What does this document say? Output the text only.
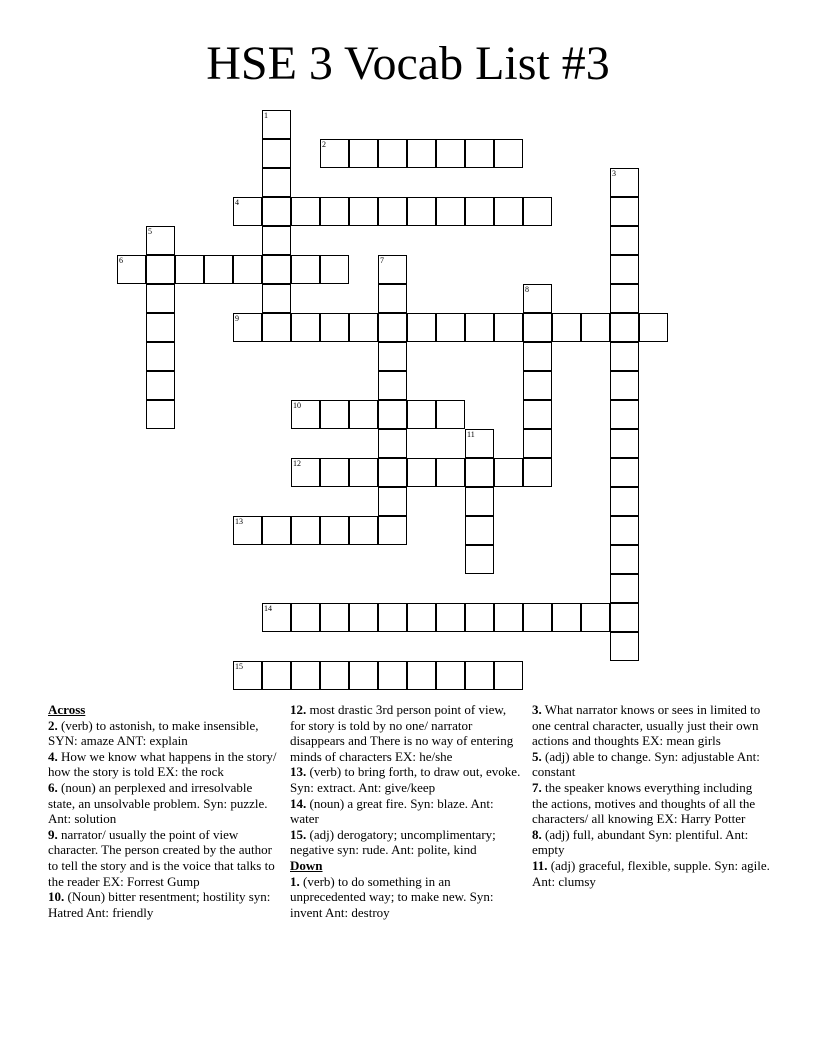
HSE 3 Vocab List #3
1
2
3
4
5
6	7
8
9
10
11
12
13
14
15
Across
2. (verb) to astonish, to make insensible, SYN: amaze ANT: explain
4. How we know what happens in the story/ how the story is told EX: the rock
6. (noun) an perplexed and irresolvable state, an unsolvable problem. Syn: puzzle. Ant: solution
9. narrator/ usually the point of view character. The person created by the author to tell the story and is the voice that talks to the reader EX: Forrest Gump
10. (Noun) bitter resentment; hostility syn: Hatred Ant: friendly
12. most drastic 3rd person point of view, for story is told by no one/ narrator disappears and There is no way of entering minds of characters EX: he/she
13. (verb) to bring forth, to draw out, evoke. Syn: extract. Ant: give/keep
14. (noun) a great fire. Syn: blaze. Ant: water
15. (adj) derogatory; uncomplimentary; negative syn: rude. Ant: polite, kind
Down
1. (verb) to do something in an unprecedented way; to make new. Syn: invent Ant: destroy
3. What narrator knows or sees in limited to one central character, usually just their own actions and thoughts EX: mean girls
5. (adj) able to change. Syn: adjustable Ant: constant
7. the speaker knows everything including the actions, motives and thoughts of all the characters/ all knowing EX: Harry Potter
8. (adj) full, abundant Syn: plentiful. Ant: empty
11. (adj) graceful, flexible, supple. Syn: agile. Ant: clumsy
